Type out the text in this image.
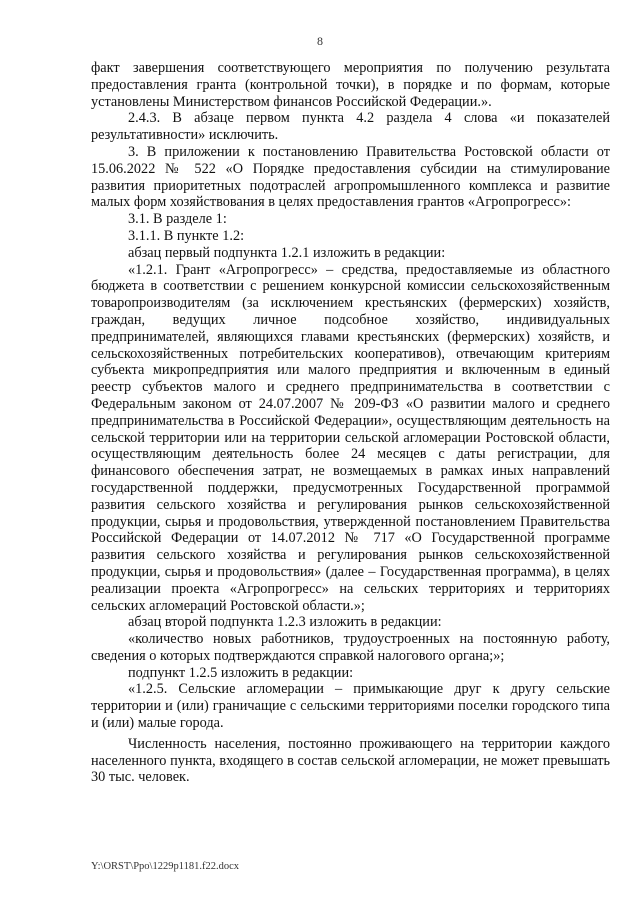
8

факт завершения соответствующего мероприятия по получению результата предоставления гранта (контрольной точки), в порядке и по формам, которые установлены Министерством финансов Российской Федерации.».

2.4.3. В абзаце первом пункта 4.2 раздела 4 слова «и показателей результативности» исключить.

3. В приложении к постановлению Правительства Ростовской области от 15.06.2022 № 522 «О Порядке предоставления субсидии на стимулирование развития приоритетных подотраслей агропромышленного комплекса и развитие малых форм хозяйствования в целях предоставления грантов «Агропрогресс»:

3.1. В разделе 1:

3.1.1. В пункте 1.2:

абзац первый подпункта 1.2.1 изложить в редакции:

«1.2.1. Грант «Агропрогресс» – средства, предоставляемые из областного бюджета в соответствии с решением конкурсной комиссии сельскохозяйственным товаропроизводителям (за исключением крестьянских (фермерских) хозяйств, граждан, ведущих личное подсобное хозяйство, индивидуальных предпринимателей, являющихся главами крестьянских (фермерских) хозяйств, и сельскохозяйственных потребительских кооперативов), отвечающим критериям субъекта микропредприятия или малого предприятия и включенным в единый реестр субъектов малого и среднего предпринимательства в соответствии с Федеральным законом от 24.07.2007 № 209-ФЗ «О развитии малого и среднего предпринимательства в Российской Федерации», осуществляющим деятельность на сельской территории или на территории сельской агломерации Ростовской области, осуществляющим деятельность более 24 месяцев с даты регистрации, для финансового обеспечения затрат, не возмещаемых в рамках иных направлений государственной поддержки, предусмотренных Государственной программой развития сельского хозяйства и регулирования рынков сельскохозяйственной продукции, сырья и продовольствия, утвержденной постановлением Правительства Российской Федерации от 14.07.2012 № 717 «О Государственной программе развития сельского хозяйства и регулирования рынков сельскохозяйственной продукции, сырья и продовольствия» (далее – Государственная программа), в целях реализации проекта «Агропрогресс» на сельских территориях и территориях сельских агломераций Ростовской области.»;

абзац второй подпункта 1.2.3 изложить в редакции:

«количество новых работников, трудоустроенных на постоянную работу, сведения о которых подтверждаются справкой налогового органа;»;

подпункт 1.2.5 изложить в редакции:

«1.2.5. Сельские агломерации – примыкающие друг к другу сельские территории и (или) граничащие с сельскими территориями поселки городского типа и (или) малые города.

Численность населения, постоянно проживающего на территории каждого населенного пункта, входящего в состав сельской агломерации, не может превышать 30 тыс. человек.

Y:\ORST\Ppo\1229p1181.f22.docx
